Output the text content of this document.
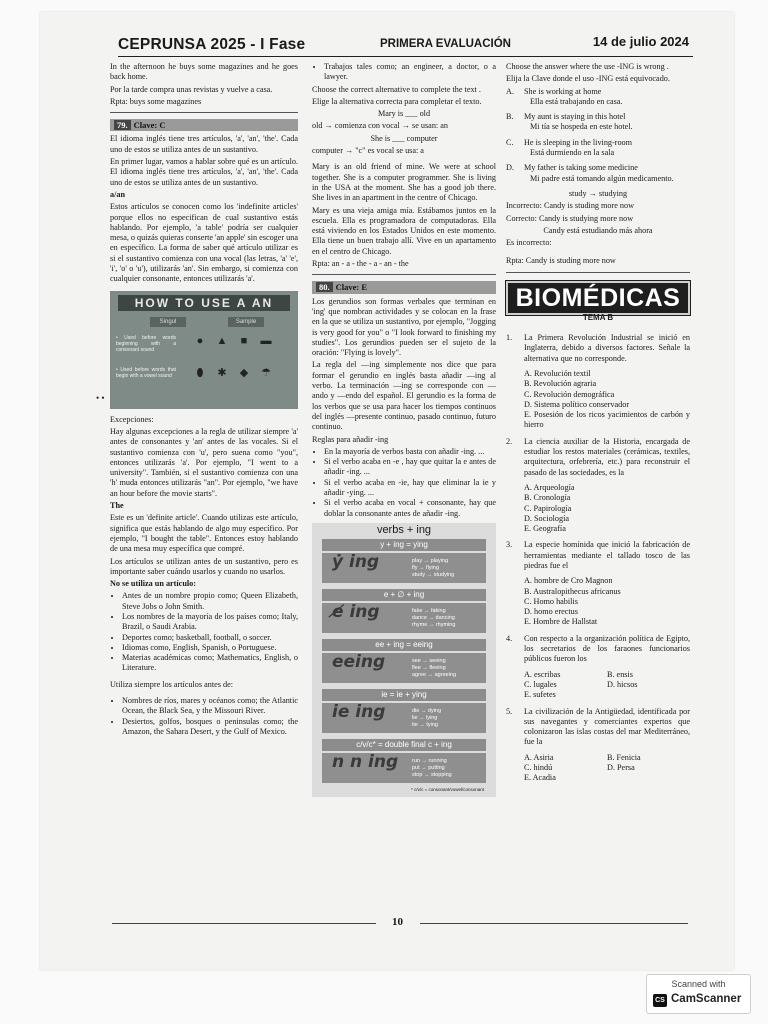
CEPRUNSA 2025 - I Fase	PRIMERA EVALUACIÓN	14 de julio 2024
• •

In the afternoon he buys some magazines and he goes back home.

Por la tarde compra unas revistas y vuelve a casa.

Rpta: buys some magazines

79. Clave: C

El idioma inglés tiene tres artículos, 'a', 'an', 'the'. Cada uno de estos se utiliza antes de un sustantivo.

En primer lugar, vamos a hablar sobre qué es un artículo. El idioma inglés tiene tres artículos, 'a', 'an', 'the'. Cada uno de estos se utiliza antes de un sustantivo.

a/an

Estos artículos se conocen como los 'indefinite articles' porque ellos no especifican de cual sustantivo estás hablando. Por ejemplo, 'a table' podría ser cualquier mesa, o quizás quieras conserte 'an apple' sin escoger una en específico. La forma de saber qué artículo utilizar es si el sustantivo comienza con una vocal (las letras, 'a' 'e', 'i', 'o' o 'u'), utilizarás 'an'. Sin embargo, si comienza con cualquier consonante, entonces utilizarás 'a'.

HOW TO USE A AN
Singul	Sample
• Used before words beginning with a consonant sound
• Used before words that begin with a vowel sound
● ▲ ■ ▬
⬮ ✱ ◆ ☂

Excepciones:

Hay algunas excepciones a la regla de utilizar siempre 'a' antes de consonantes y 'an' antes de las vocales. Si el sustantivo comienza con 'u', pero suena como "you", entonces utilizarás 'a'. Por ejemplo, "I went to a university". También, si el sustantivo comienza con una 'h' muda entonces utilizarás "an". Por ejemplo, "we have an hour before the movie starts".

The

Este es un 'definite article'. Cuando utilizas este artículo, significa que estás hablando de algo muy específico. Por ejemplo, "I bought the table". Entonces estoy hablando de una mesa muy específica que compré.

Los artículos se utilizan antes de un sustantivo, pero es importante saber cuándo usarlos y cuando no usarlos.

No se utiliza un artículo:

• Antes de un nombre propio como; Queen Elizabeth, Steve Jobs o John Smith.
• Los nombres de la mayoría de los países como; Italy, Brazil, o Saudi Arabia.
• Deportes como; basketball, football, o soccer.
• Idiomas como, English, Spanish, o Portuguese.
• Materias académicas como; Mathematics, English, o Literature.

Utiliza siempre los artículos antes de:

• Nombres de ríos, mares y océanos como; the Atlantic Ocean, the Black Sea, y the Missouri River.
• Desiertos, golfos, bosques o peninsulas como; the Amazon, the Sahara Desert, y the Gulf of Mexico.
• Trabajos tales como; an engineer, a doctor, o a lawyer.

Choose the correct alternative to complete the text .

Elige la alternativa correcta para completar el texto.

Mary is ___ old

old → comienza con vocal → se usan: an

She is ___ computer

computer → "c" es vocal se usa: a

Mary is an old friend of mine. We were at school together. She is a computer programmer. She is living in the USA at the moment. She has a good job there. She lives in an apartment in the centre of Chicago.

Mary es una vieja amiga mía. Estábamos juntos en la escuela. Ella es programadora de computadoras. Ella está viviendo en los Estados Unidos en este momento. Ella tiene un buen trabajo allí. Vive en un apartamento en el centro de Chicago.

Rpta: an - a - the - a - an - the

80. Clave: E

Los gerundios son formas verbales que terminan en 'ing' que nombran actividades y se colocan en la frase en la que se utiliza un sustantivo, por ejemplo, "Jogging is very good for you" o "I look forward to finishing my studies". Los gerundios pueden ser el sujeto de la oración: "Flying is lovely".

La regla del —ing simplemente nos dice que para formar el gerundio en inglés basta añadir —ing al verbo. La terminación —ing se corresponde con —ando y —endo del español. El gerundio es la forma de los verbos que se usa para hacer los tiempos continuos del inglés —presente continuo, pasado continuo, futuro continuo.

Reglas para añadir -ing

• En la mayoría de verbos basta con añadir -ing. ...
• Si el verbo acaba en -e , hay que quitar la e antes de añadir -ing. ...
• Si el verbo acaba en -ie, hay que eliminar la ie y añadir -ying. ...
• Si el verbo acaba en vocal + consonante, hay que doblar la consonante antes de añadir -ing.
verbs + ing
y + ing = ying
ẏ ing	play → playing
fly → flying
study → studying
e + ∅ + ing
e̸ ing	fake → faking
dance → dancing
rhyme → rhyming
ee + ing = eeing
eeing	see → seeing
flee → fleeing
agree → agreeing
ie = ie + ying
ie ing	die → dying
lie → lying
tie → tying
c/v/c* = double final c + ing
n n ing	run → running
put → putting
stop → stopping
* c/v/c = consonant/vowel/consonant

Choose the answer where the use -ING is wrong .

Elija la Clave donde el uso -ING está equivocado.

A. She is working at home
Ella está trabajando en casa.
B. My aunt is staying in this hotel
Mi tía se hospeda en este hotel.
C. He is sleeping in the living-room
Está durmiendo en la sala
D. My father is taking some medicine
Mi padre está tomando algún medicamento.

study → studying

Incorrecto: Candy is studing more now

Correcto: Candy is studying more now

Candy está estudiando más ahora

Es incorrecto:

Rpta: Candy is studing more now

BIOMÉDICAS
TEMA B
1. La Primera Revolución Industrial se inició en Inglaterra, debido a diversos factores. Señale la alternativa que no corresponde.
A. Revolución textil
B. Revolución agraria
C. Revolución demográfica
D. Sistema político conservador
E. Posesión de los ricos yacimientos de carbón y hierro
2. La ciencia auxiliar de la Historia, encargada de estudiar los restos materiales (cerámicas, textiles, arquitectura, orfebrería, etc.) para reconstruir el pasado de las sociedades, es la
A. Arqueología
B. Cronología
C. Papirología
D. Sociología
E. Geografía
3. La especie homínida que inició la fabricación de herramientas mediante el tallado tosco de las piedras fue el
A. hombre de Cro Magnon
B. Australopithecus africanus
C. Homo habilis
D. homo erectus
E. Hombre de Hallstat
4. Con respecto a la organización política de Egipto, los secretarios de los faraones funcionarios públicos fueron los
A. escribas	B. ensis
C. lugales	D. hicsos
E. sufetes
5. La civilización de la Antigüedad, identificada por sus navegantes y comerciantes expertos que colonizaron las islas costas del mar Mediterráneo, fue la
A. Asiria	B. Fenicia
C. hindú	D. Persa
E. Acadia
10
Scanned with
CS CamScanner
